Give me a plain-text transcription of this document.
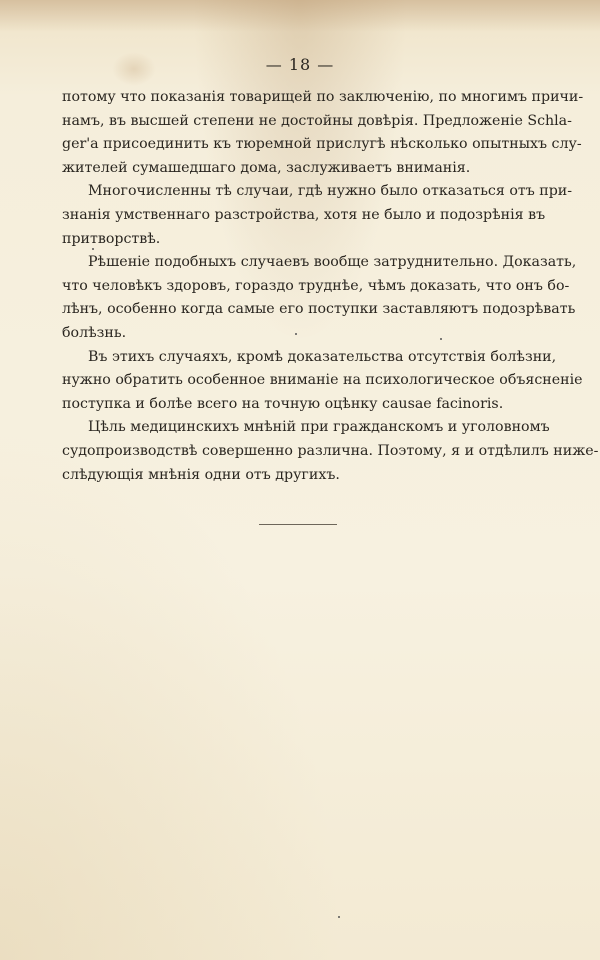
— 18 —
потому что показанія товарищей по заключенію, по многимъ причи-
намъ, въ высшей степени не достойны довѣрія. Предложеніе Schla-
ger'а присоединить къ тюремной прислугѣ нѣсколько опытныхъ слу-
жителей сумашедшаго дома, заслуживаетъ вниманія.
Многочисленны тѣ случаи, гдѣ нужно было отказаться отъ при-
знанія умственнаго разстройства, хотя не было и подозрѣнія въ
притворствѣ.
Рѣшеніе подобныхъ случаевъ вообще затруднительно. Доказать,
что человѣкъ здоровъ, гораздо труднѣе, чѣмъ доказать, что онъ бо-
лѣнъ, особенно когда самые его поступки заставляютъ подозрѣвать
болѣзнь.
Въ этихъ случаяхъ, кромѣ доказательства отсутствія болѣзни,
нужно обратить особенное вниманіе на психологическое объясненіе
поступка и болѣе всего на точную оцѣнку causae facinoris.
Цѣль медицинскихъ мнѣній при гражданскомъ и уголовномъ
судопроизводствѣ совершенно различна. Поэтому, я и отдѣлилъ ниже-
слѣдующія мнѣнія одни отъ другихъ.
